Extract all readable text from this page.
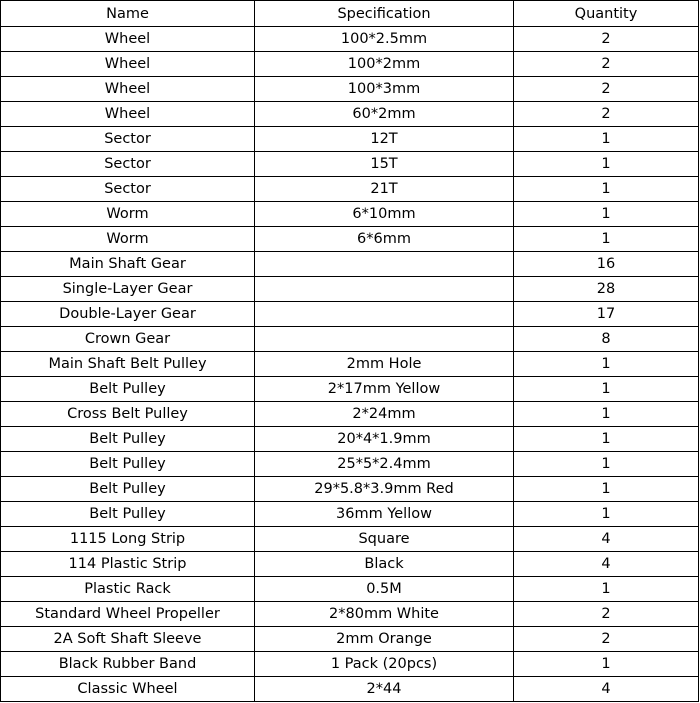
Name	Specification	Quantity
Wheel	100*2.5mm	2
Wheel	100*2mm	2
Wheel	100*3mm	2
Wheel	60*2mm	2
Sector	12T	1
Sector	15T	1
Sector	21T	1
Worm	6*10mm	1
Worm	6*6mm	1
Main Shaft Gear		16
Single-Layer Gear		28
Double-Layer Gear		17
Crown Gear		8
Main Shaft Belt Pulley	2mm Hole	1
Belt Pulley	2*17mm Yellow	1
Cross Belt Pulley	2*24mm	1
Belt Pulley	20*4*1.9mm	1
Belt Pulley	25*5*2.4mm	1
Belt Pulley	29*5.8*3.9mm Red	1
Belt Pulley	36mm Yellow	1
1115 Long Strip	Square	4
114 Plastic Strip	Black	4
Plastic Rack	0.5M	1
Standard Wheel Propeller	2*80mm White	2
2A Soft Shaft Sleeve	2mm Orange	2
Black Rubber Band	1 Pack (20pcs)	1
Classic Wheel	2*44	4
